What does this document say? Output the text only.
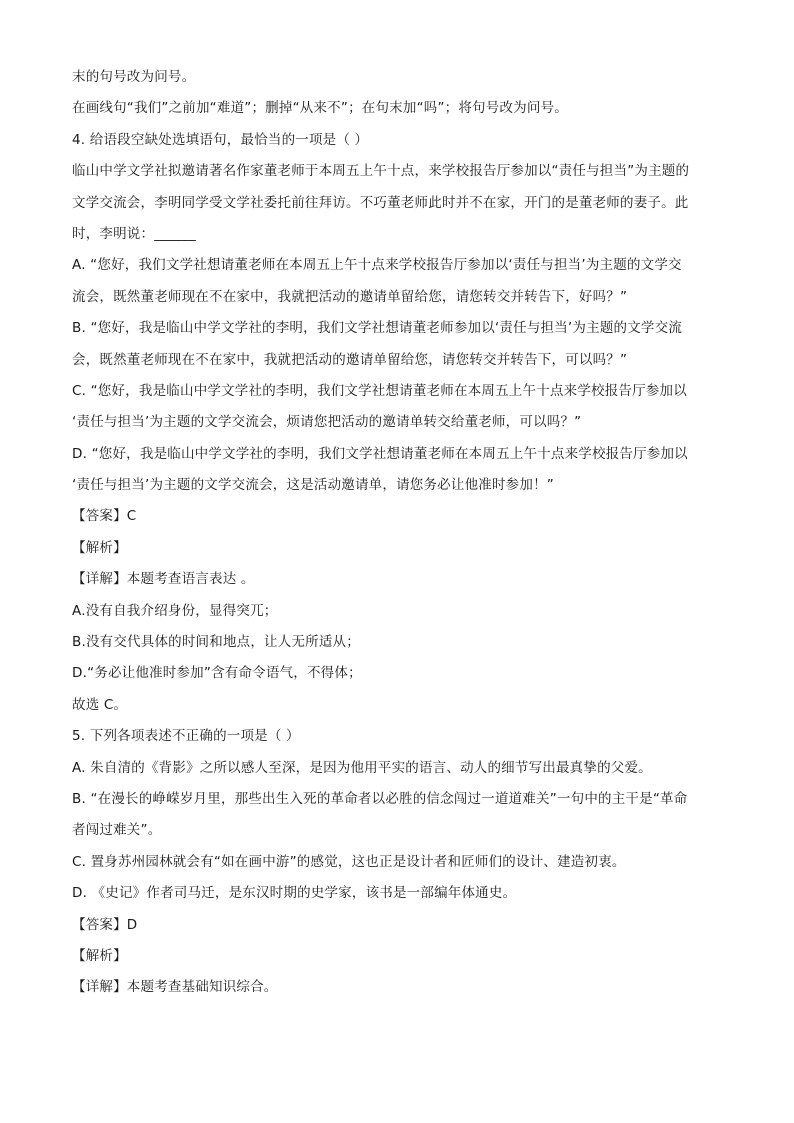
末的句号改为问号。
在画线句“我们”之前加“难道”；删掉“从来不”；在句末加“吗”；将句号改为问号。
4. 给语段空缺处选填语句，最恰当的一项是（ ）
临山中学文学社拟邀请著名作家董老师于本周五上午十点，来学校报告厅参加以“责任与担当”为主题的
文学交流会，李明同学受文学社委托前往拜访。不巧董老师此时并不在家，开门的是董老师的妻子。此
时，李明说：______
A. “您好，我们文学社想请董老师在本周五上午十点来学校报告厅参加以‘责任与担当’为主题的文学交
流会，既然董老师现在不在家中，我就把活动的邀请单留给您，请您转交并转告下，好吗？”
B. “您好，我是临山中学文学社的李明，我们文学社想请董老师参加以‘责任与担当’为主题的文学交流
会，既然董老师现在不在家中，我就把活动的邀请单留给您，请您转交并转告下，可以吗？”
C. “您好，我是临山中学文学社的李明，我们文学社想请董老师在本周五上午十点来学校报告厅参加以
‘责任与担当’为主题的文学交流会，烦请您把活动的邀请单转交给董老师，可以吗？”
D. “您好，我是临山中学文学社的李明，我们文学社想请董老师在本周五上午十点来学校报告厅参加以
‘责任与担当’为主题的文学交流会，这是活动邀请单，请您务必让他准时参加！”
【答案】C
【解析】
【详解】本题考查语言表达 。
A.没有自我介绍身份，显得突兀；
B.没有交代具体的时间和地点，让人无所适从；
D.“务必让他准时参加”含有命令语气，不得体；
故选 C。
5. 下列各项表述不正确的一项是（ ）
A. 朱自清的《背影》之所以感人至深，是因为他用平实的语言、动人的细节写出最真挚的父爱。
B. “在漫长的峥嵘岁月里，那些出生入死的革命者以必胜的信念闯过一道道难关”一句中的主干是“革命
者闯过难关”。
C. 置身苏州园林就会有“如在画中游”的感觉，这也正是设计者和匠师们的设计、建造初衷。
D. 《史记》作者司马迁，是东汉时期的史学家，该书是一部编年体通史。
【答案】D
【解析】
【详解】本题考查基础知识综合。
